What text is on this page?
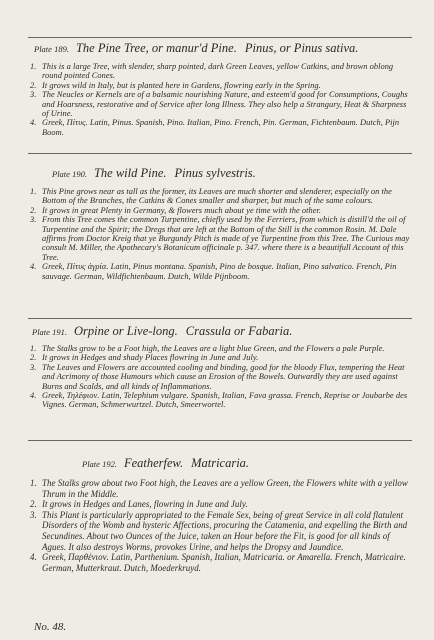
Plate 189. The Pine Tree, or manur'd Pine. Pinus, or Pinus sativa.

1. This is a large Tree, with slender, sharp pointed, dark Green Leaves, yellow Catkins, and brown oblong round pointed Cones.

2. It grows wild in Italy, but is planted here in Gardens, flowring early in the Spring.

3. The Neucles or Kernels are of a balsamic nourishing Nature, and esteem'd good for Consumptions, Coughs and Hoarsness, restorative and of Service after long Illness. They also help a Strangury, Heat & Sharpness of Urine.

4. Greek, Πίτυς. Latin, Pinus. Spanish, Pino. Italian, Pino. French, Pin. German, Fichtenbaum. Dutch, Pijn Boom.

Plate 190. The wild Pine. Pinus sylvestris.

1. This Pine grows near as tall as the former, its Leaves are much shorter and slenderer, especially on the Bottom of the Branches, the Catkins & Cones smaller and sharper, but much of the same colours.

2. It grows in great Plenty in Germany, & flowers much about ye time with the other.

3. From this Tree comes the common Turpentine, chiefly used by the Ferriers, from which is distill'd the oil of Turpentine and the Spirit; the Dregs that are left at the Bottom of the Still is the common Rosin. M. Dale affirms from Doctor Kreig that ye Burgundy Pitch is made of ye Turpentine from this Tree. The Curious may consult M. Miller, the Apothecary's Botanicum officinale p. 347. where there is a beautifull Account of this Tree.

4. Greek, Πίτυς ἀγρία. Latin, Pinus montana. Spanish, Pino de bosque. Italian, Pino salvatico. French, Pin sauvage. German, Wildfichtenbaum. Dutch, Wilde Pijnboom.

Plate 191. Orpine or Live-long. Crassula or Fabaria.

1. The Stalks grow to be a Foot high, the Leaves are a light blue Green, and the Flowers a pale Purple.

2. It grows in Hedges and shady Places flowring in June and July.

3. The Leaves and Flowers are accounted cooling and binding, good for the bloody Flux, tempering the Heat and Acrimony of those Humours which cause an Erosion of the Bowels. Outwardly they are used against Burns and Scalds, and all kinds of Inflammations.

4. Greek, Τηλέφιον. Latin, Telephium vulgare. Spanish, Italian, Fava grassa. French, Reprise or Joubarbe des Vignes. German, Schmerwurtzel. Dutch, Smeerwortel.

Plate 192. Featherfew. Matricaria.

1. The Stalks grow about two Foot high, the Leaves are a yellow Green, the Flowers white with a yellow Thrum in the Middle.

2. It grows in Hedges and Lanes, flowring in June and July.

3. This Plant is particularly appropriated to the Female Sex, being of great Service in all cold flatulent Disorders of the Womb and hysteric Affections, procuring the Catamenia, and expelling the Birth and Secundines. About two Ounces of the Juice, taken an Hour before the Fit, is good for all kinds of Agues. It also destroys Worms, provokes Urine, and helps the Dropsy and Jaundice.

4. Greek, Παρθένιον. Latin, Parthenium. Spanish, Italian, Matricaria. or Amarella. French, Matricaire. German, Mutterkraut. Dutch, Moederkruyd.

No. 48.
